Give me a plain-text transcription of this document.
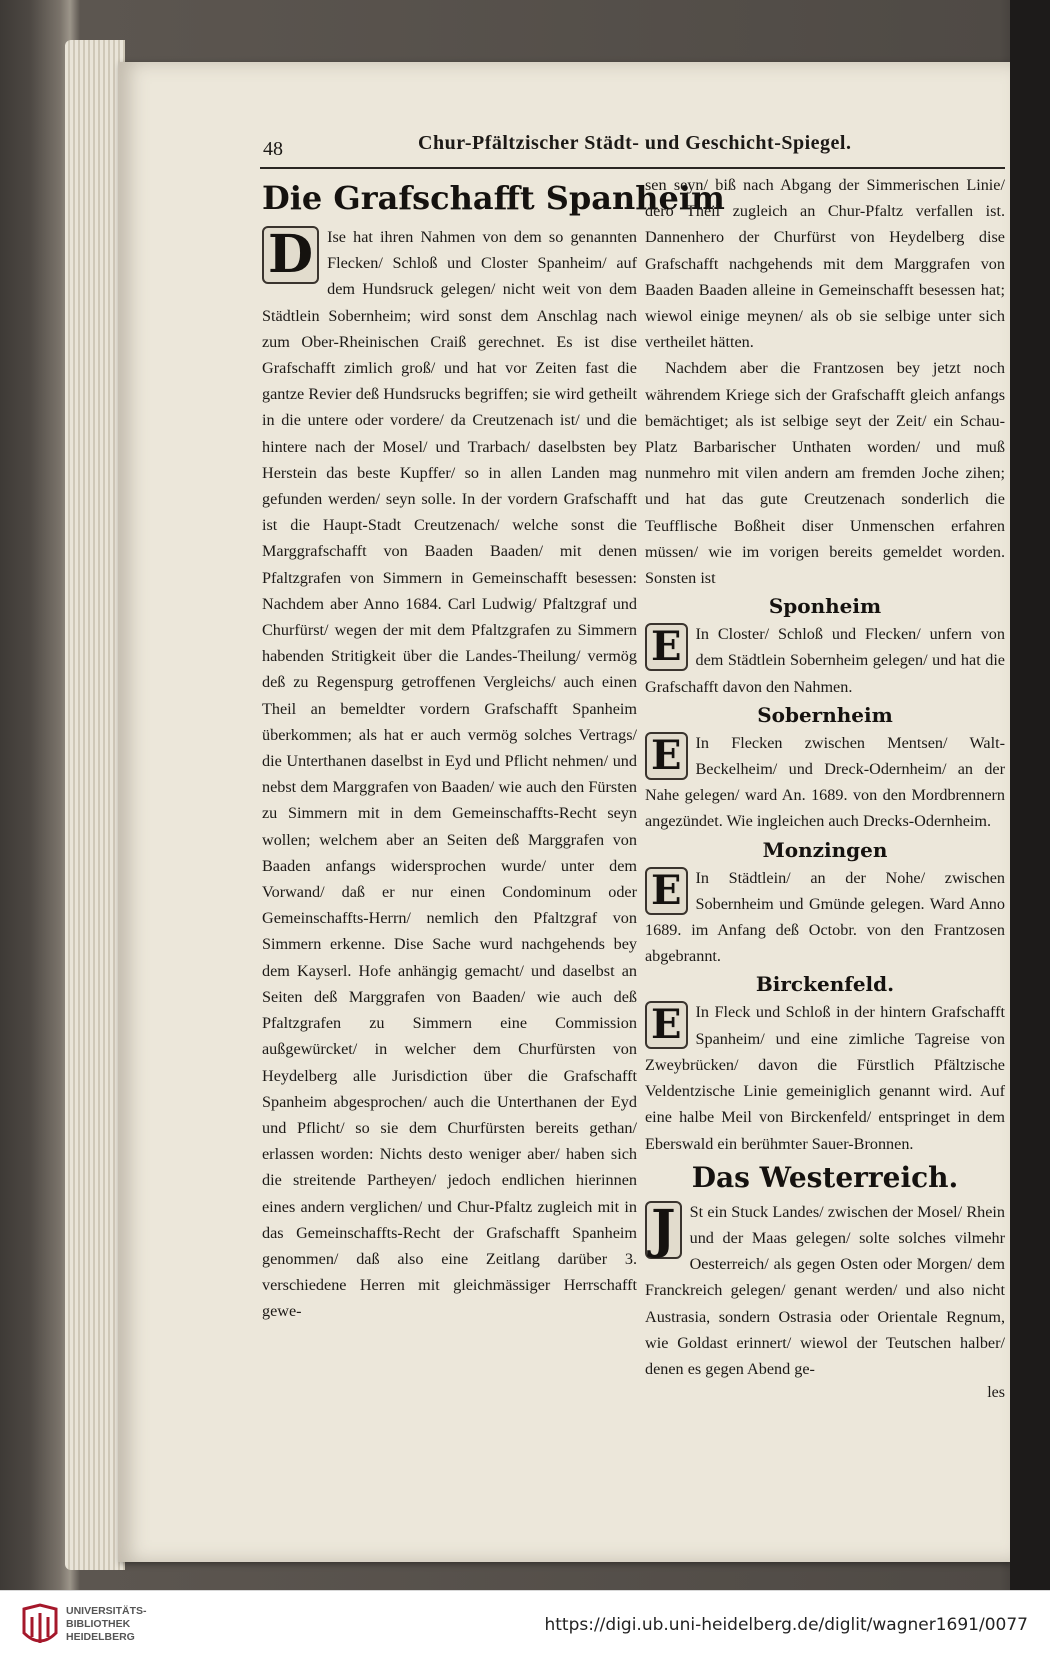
48	Chur-Pfältzischer Städt- und Geschicht-Spiegel.
Die Grafschafft Spanheim

D Ise hat ihren Nahmen von dem so genannten Flecken/ Schloß und Closter Spanheim/ auf dem Hundsruck gelegen/ nicht weit von dem Städtlein Sobernheim; wird sonst dem Anschlag nach zum Ober-Rheinischen Craiß gerechnet. Es ist dise Grafschafft zimlich groß/ und hat vor Zeiten fast die gantze Revier deß Hundsrucks begriffen; sie wird getheilt in die untere oder vordere/ da Creutzenach ist/ und die hintere nach der Mosel/ und Trarbach/ daselbsten bey Herstein das beste Kupffer/ so in allen Landen mag gefunden werden/ seyn solle. In der vordern Grafschafft ist die Haupt-Stadt Creutzenach/ welche sonst die Marggrafschafft von Baaden Baaden/ mit denen Pfaltzgrafen von Simmern in Gemeinschafft besessen: Nachdem aber Anno 1684. Carl Ludwig/ Pfaltzgraf und Churfürst/ wegen der mit dem Pfaltzgrafen zu Simmern habenden Stritigkeit über die Landes-Theilung/ vermög deß zu Regenspurg getroffenen Vergleichs/ auch einen Theil an bemeldter vordern Grafschafft Spanheim überkommen; als hat er auch vermög solches Vertrags/ die Unterthanen daselbst in Eyd und Pflicht nehmen/ und nebst dem Marggrafen von Baaden/ wie auch den Fürsten zu Simmern mit in dem Gemeinschaffts-Recht seyn wollen; welchem aber an Seiten deß Marggrafen von Baaden anfangs widersprochen wurde/ unter dem Vorwand/ daß er nur einen Condominum oder Gemeinschaffts-Herrn/ nemlich den Pfaltzgraf von Simmern erkenne. Dise Sache wurd nachgehends bey dem Kayserl. Hofe anhängig gemacht/ und daselbst an Seiten deß Marggrafen von Baaden/ wie auch deß Pfaltzgrafen zu Simmern eine Commission außgewürcket/ in welcher dem Churfürsten von Heydelberg alle Jurisdiction über die Grafschafft Spanheim abgesprochen/ auch die Unterthanen der Eyd und Pflicht/ so sie dem Churfürsten bereits gethan/ erlassen worden: Nichts desto weniger aber/ haben sich die streitende Partheyen/ jedoch endlichen hierinnen eines andern verglichen/ und Chur-Pfaltz zugleich mit in das Gemeinschaffts-Recht der Grafschafft Spanheim genommen/ daß also eine Zeitlang darüber 3. verschiedene Herren mit gleichmässiger Herrschafft gewe-

sen seyn/ biß nach Abgang der Simmerischen Linie/ dero Theil zugleich an Chur-Pfaltz verfallen ist. Dannenhero der Churfürst von Heydelberg dise Grafschafft nachgehends mit dem Marggrafen von Baaden Baaden alleine in Gemeinschafft besessen hat; wiewol einige meynen/ als ob sie selbige unter sich vertheilet hätten.

Nachdem aber die Frantzosen bey jetzt noch währendem Kriege sich der Grafschafft gleich anfangs bemächtiget; als ist selbige seyt der Zeit/ ein Schau-Platz Barbarischer Unthaten worden/ und muß nunmehro mit vilen andern am fremden Joche zihen; und hat das gute Creutzenach sonderlich die Teufflische Boßheit diser Unmenschen erfahren müssen/ wie im vorigen bereits gemeldet worden. Sonsten ist

Sponheim

E In Closter/ Schloß und Flecken/ unfern von dem Städtlein Sobernheim gelegen/ und hat die Grafschafft davon den Nahmen.

Sobernheim

E In Flecken zwischen Mentsen/ Walt-Beckelheim/ und Dreck-Odernheim/ an der Nahe gelegen/ ward An. 1689. von den Mordbrennern angezündet. Wie ingleichen auch Drecks-Odernheim.

Monzingen

E In Städtlein/ an der Nohe/ zwischen Sobernheim und Gmünde gelegen. Ward Anno 1689. im Anfang deß Octobr. von den Frantzosen abgebrannt.

Birckenfeld.

E In Fleck und Schloß in der hintern Grafschafft Spanheim/ und eine zimliche Tagreise von Zweybrücken/ davon die Fürstlich Pfältzische Veldentzische Linie gemeiniglich genannt wird. Auf eine halbe Meil von Birckenfeld/ entspringet in dem Eberswald ein berühmter Sauer-Bronnen.

Das Westerreich.

J St ein Stuck Landes/ zwischen der Mosel/ Rhein und der Maas gelegen/ solte solches vilmehr Oesterreich/ als gegen Osten oder Morgen/ dem Franckreich gelegen/ genant werden/ und also nicht Austrasia, sondern Ostrasia oder Orientale Regnum, wie Goldast erinnert/ wiewol der Teutschen halber/ denen es gegen Abend ge-

les

UNIVERSITÄTS-
BIBLIOTHEK
HEIDELBERG
https://digi.ub.uni-heidelberg.de/diglit/wagner1691/0077
